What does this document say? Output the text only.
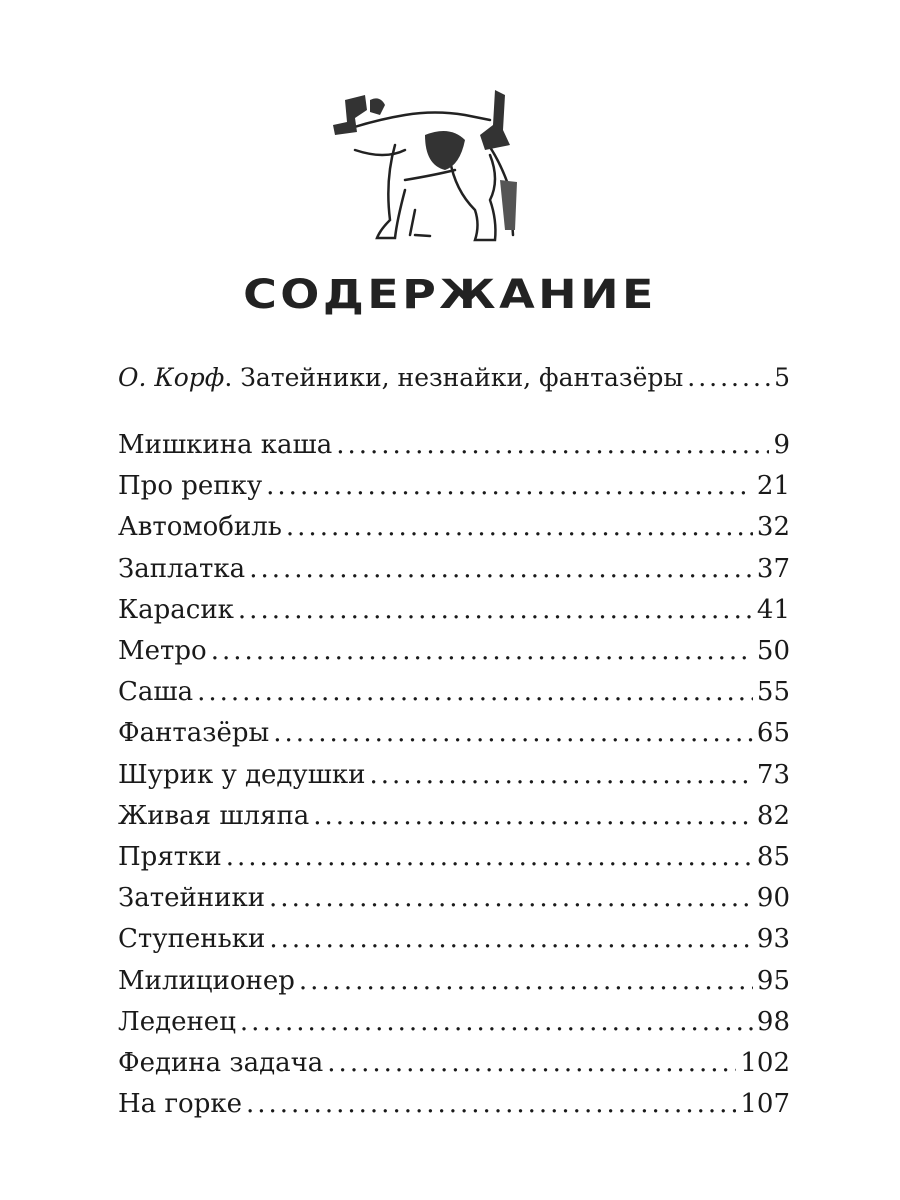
СОДЕРЖАНИЕ
О. Корф. Затейники, незнайки, фантазёры .....	5
Мишкина каша .....	9
Про репку .....	21
Автомобиль .....	32
Заплатка .....	37
Карасик .....	41
Метро .....	50
Саша .....	55
Фантазёры .....	65
Шурик у дедушки .....	73
Живая шляпа .....	82
Прятки .....	85
Затейники .....	90
Ступеньки .....	93
Милиционер .....	95
Леденец .....	98
Федина задача .....	102
На горке .....	107
